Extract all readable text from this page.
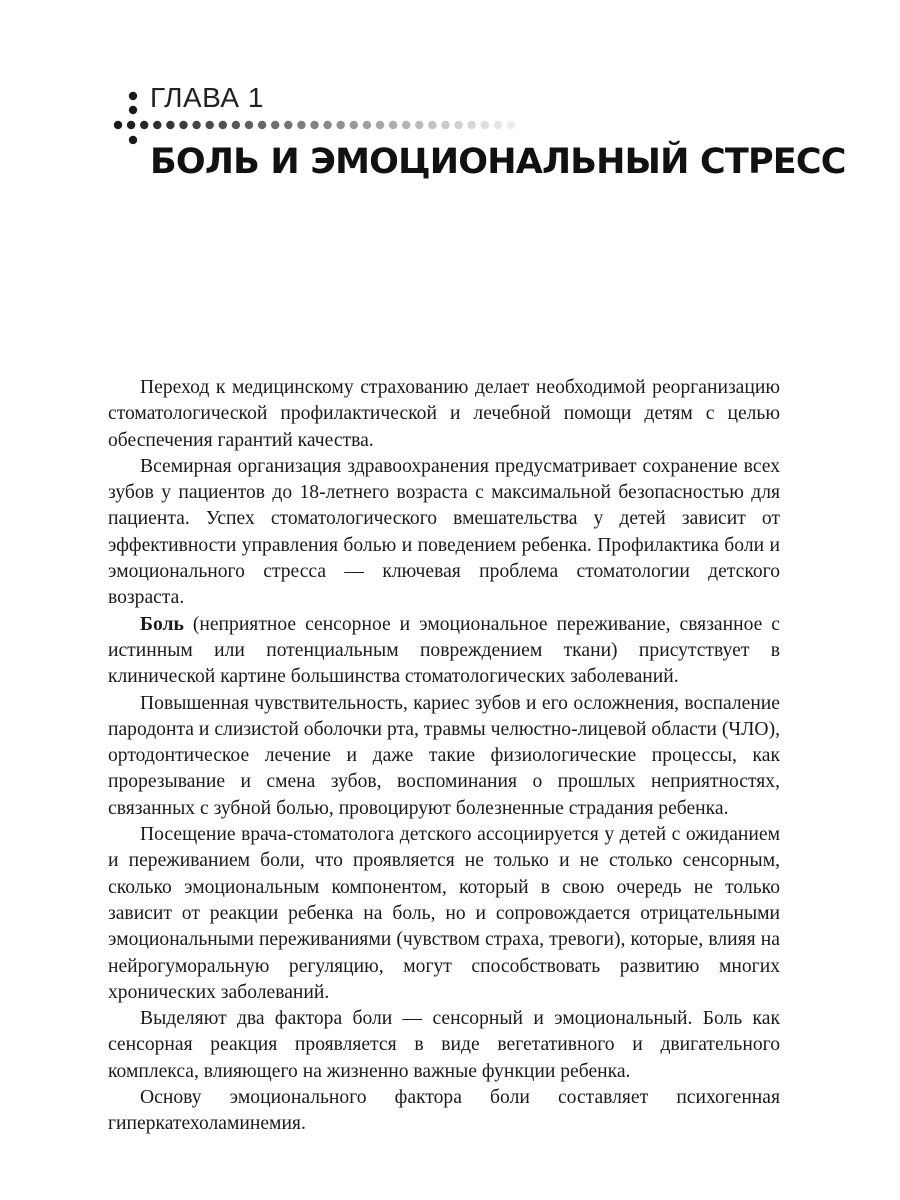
ГЛАВА 1
БОЛЬ И ЭМОЦИОНАЛЬНЫЙ СТРЕСС

Переход к медицинскому страхованию делает необходимой реорганизацию стоматологической профилактической и лечебной помощи детям с целью обеспечения гарантий качества.

Всемирная организация здравоохранения предусматривает сохранение всех зубов у пациентов до 18-летнего возраста с максимальной безопасностью для пациента. Успех стоматологического вмешательства у детей зависит от эффективности управления болью и поведением ребенка. Профилактика боли и эмоционального стресса — ключевая проблема стоматологии детского возраста.

Боль (неприятное сенсорное и эмоциональное переживание, связанное с истинным или потенциальным повреждением ткани) присутствует в клинической картине большинства стоматологических заболеваний.

Повышенная чувствительность, кариес зубов и его осложнения, воспаление пародонта и слизистой оболочки рта, травмы челюстно-лицевой области (ЧЛО), ортодонтическое лечение и даже такие физиологические процессы, как прорезывание и смена зубов, воспоминания о прошлых неприятностях, связанных с зубной болью, провоцируют болезненные страдания ребенка.

Посещение врача-стоматолога детского ассоциируется у детей с ожиданием и переживанием боли, что проявляется не только и не столько сенсорным, сколько эмоциональным компонентом, который в свою очередь не только зависит от реакции ребенка на боль, но и сопровождается отрицательными эмоциональными переживаниями (чувством страха, тревоги), которые, влияя на нейрогуморальную регуляцию, могут способствовать развитию многих хронических заболеваний.

Выделяют два фактора боли — сенсорный и эмоциональный. Боль как сенсорная реакция проявляется в виде вегетативного и двигательного комплекса, влияющего на жизненно важные функции ребенка.

Основу эмоционального фактора боли составляет психогенная гиперкатехоламинемия.
